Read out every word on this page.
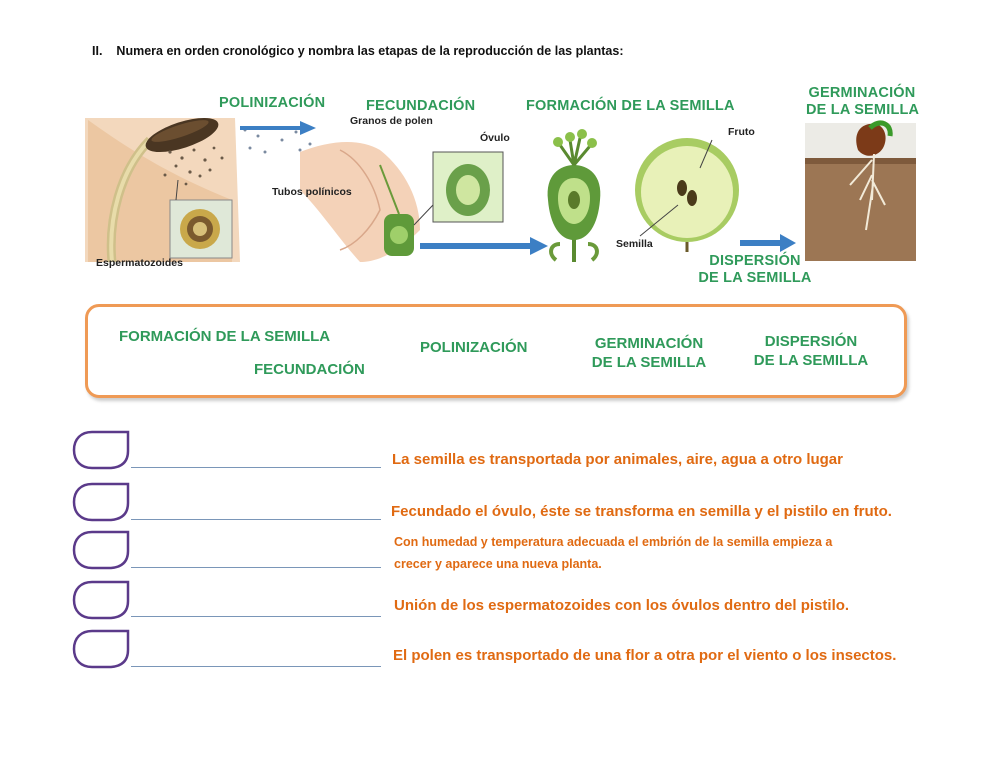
II. Numera en orden cronológico y nombra las etapas de la reproducción de las plantas:
POLINIZACIÓN	FECUNDACIÓN	FORMACIÓN DE LA SEMILLA
GERMINACIÓN
DE LA SEMILLA
DISPERSIÓN
DE LA SEMILLA
Granos de polen
Tubos polínicos
Óvulo	Fruto
Semilla
Espermatozoides
FORMACIÓN DE LA SEMILLA
FECUNDACIÓN
POLINIZACIÓN	GERMINACIÓN
DE LA SEMILLA
DISPERSIÓN
DE LA SEMILLA
La semilla es transportada por animales, aire, agua a otro lugar
Fecundado el óvulo, éste se transforma en semilla y el pistilo en fruto.
Con humedad y temperatura adecuada el embrión de la semilla empieza a
crecer y aparece una nueva planta.
Unión de los espermatozoides con los óvulos dentro del pistilo.
El polen es transportado de una flor a otra por el viento o los insectos.
